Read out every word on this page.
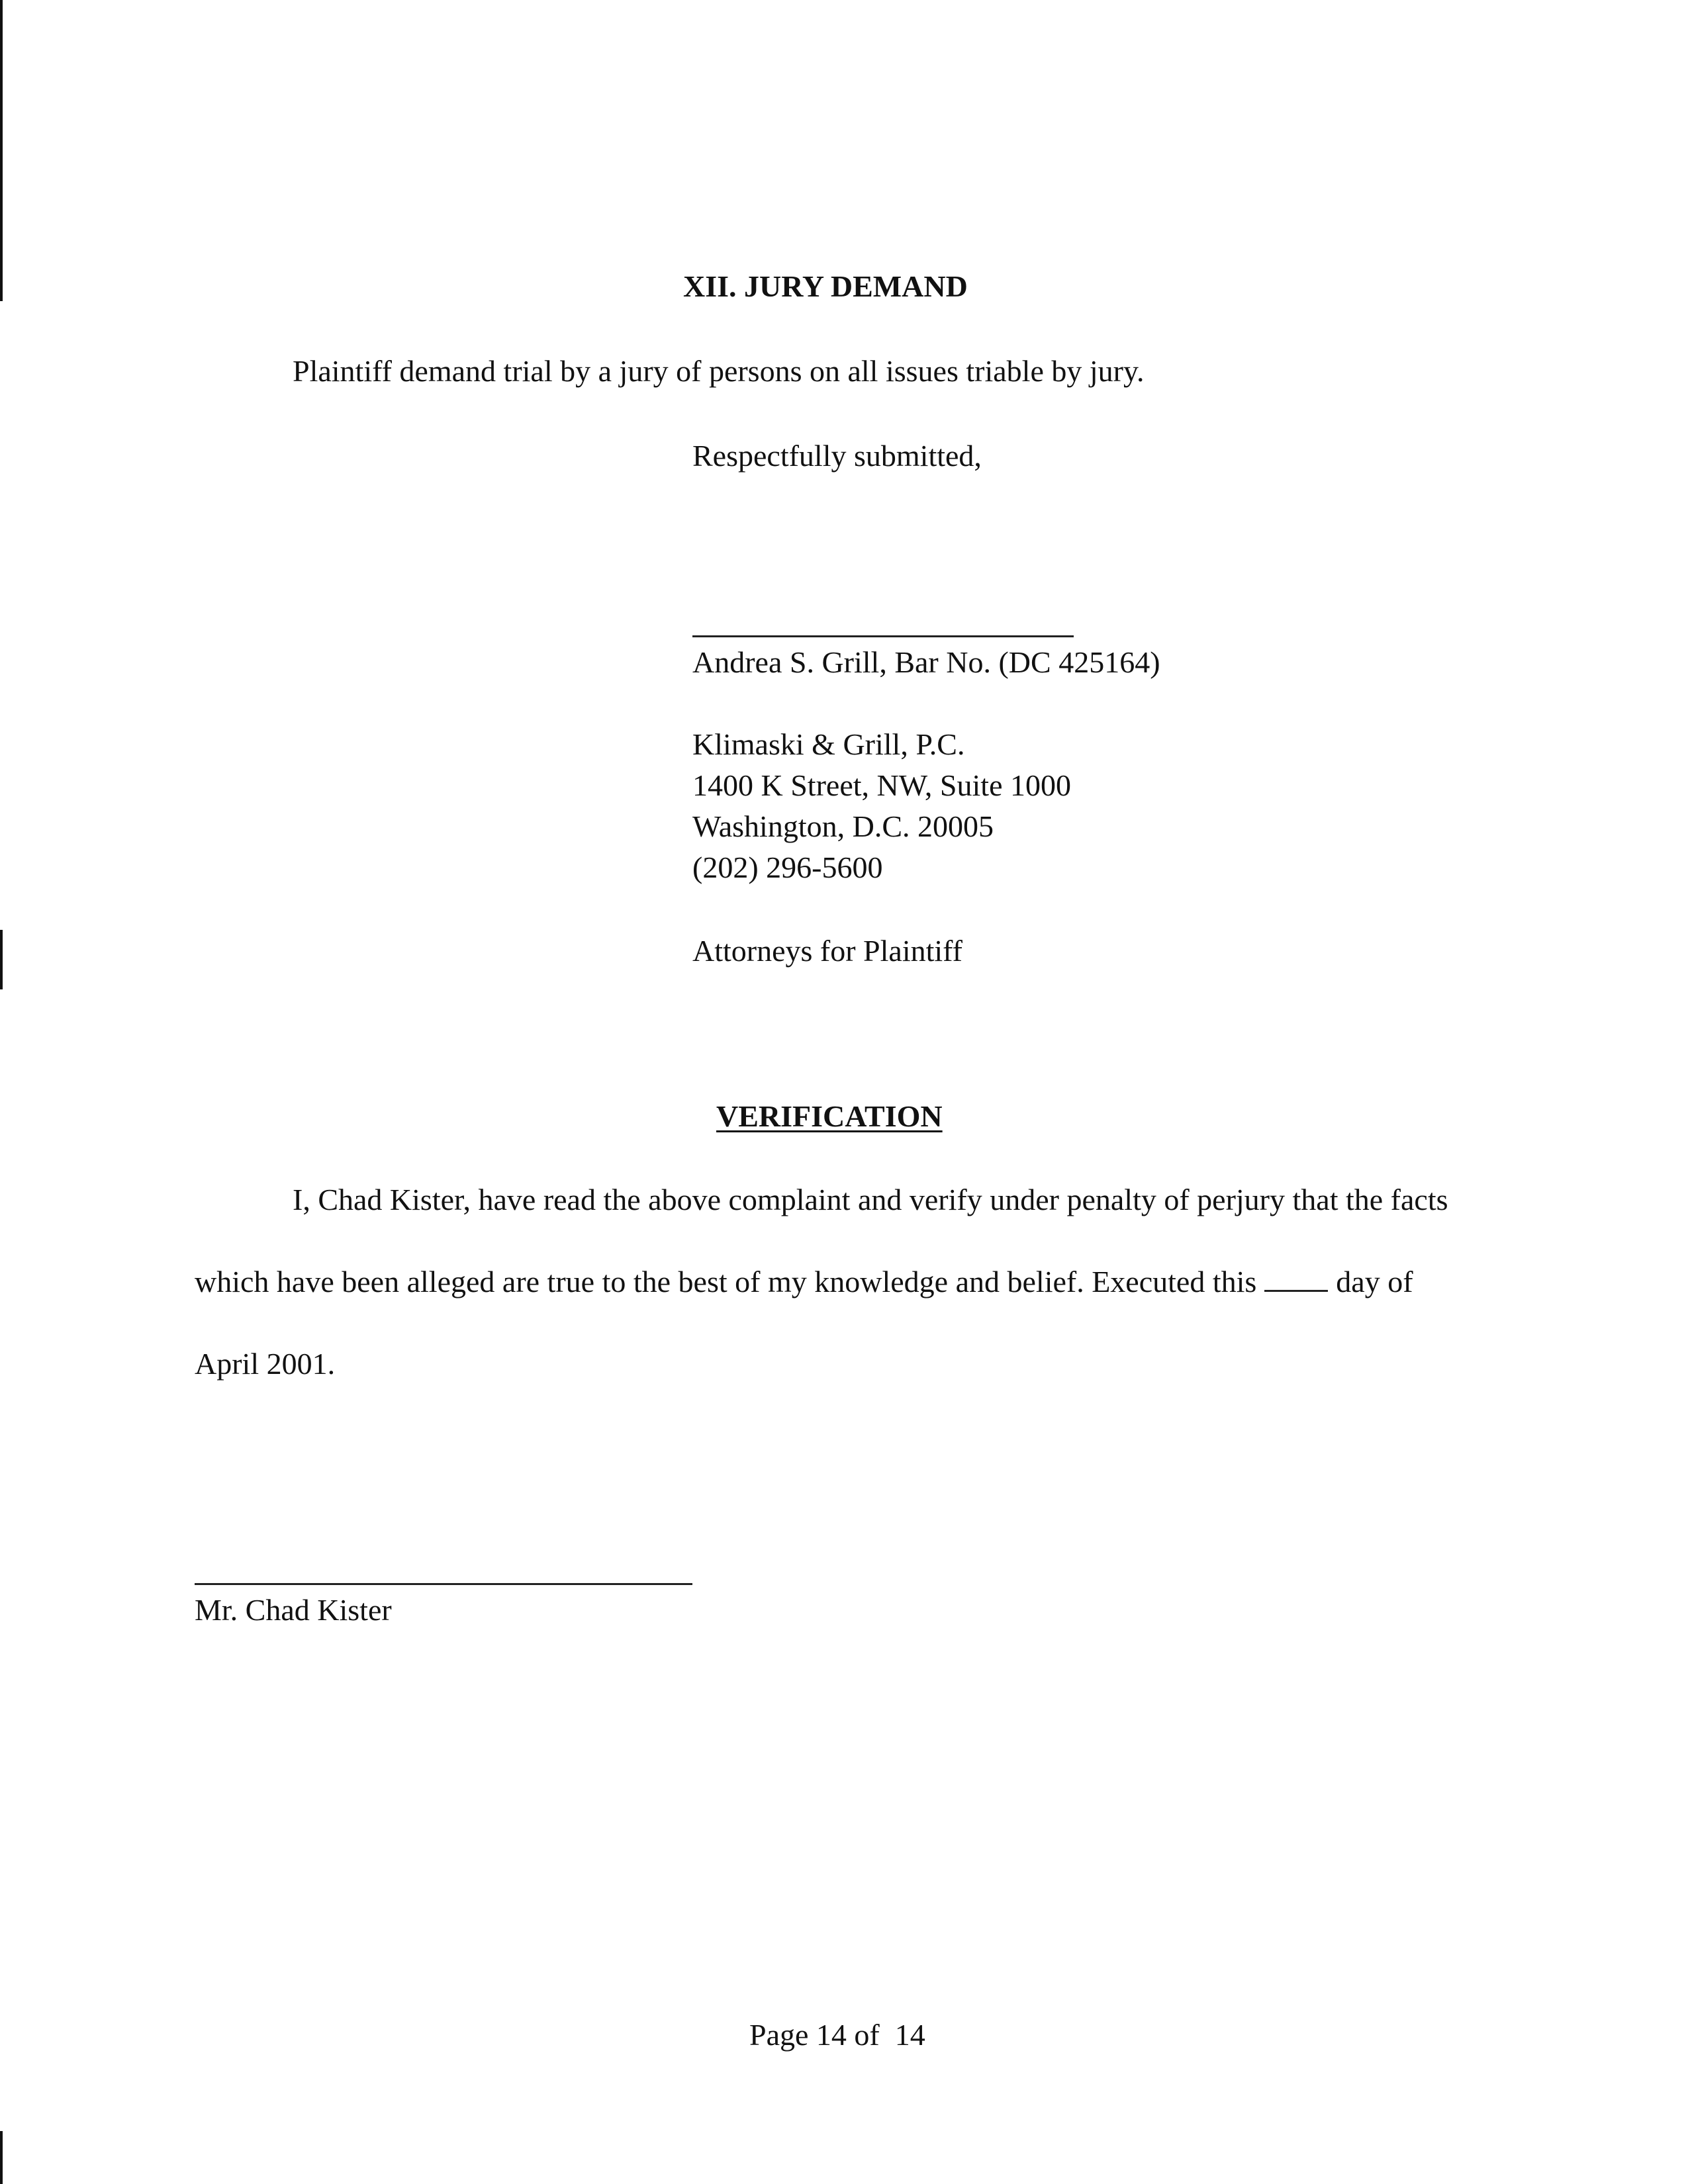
XII. JURY DEMAND
Plaintiff demand trial by a jury of persons on all issues triable by jury.
Respectfully submitted,
Andrea S. Grill, Bar No. (DC 425164)
Klimaski & Grill, P.C.
1400 K Street, NW, Suite 1000
Washington, D.C. 20005
(202) 296-5600
Attorneys for Plaintiff
VERIFICATION
I, Chad Kister, have read the above complaint and verify under penalty of perjury that the facts
which have been alleged are true to the best of my knowledge and belief. Executed this	day of
April 2001.
Mr. Chad Kister
Page 14 of  14
